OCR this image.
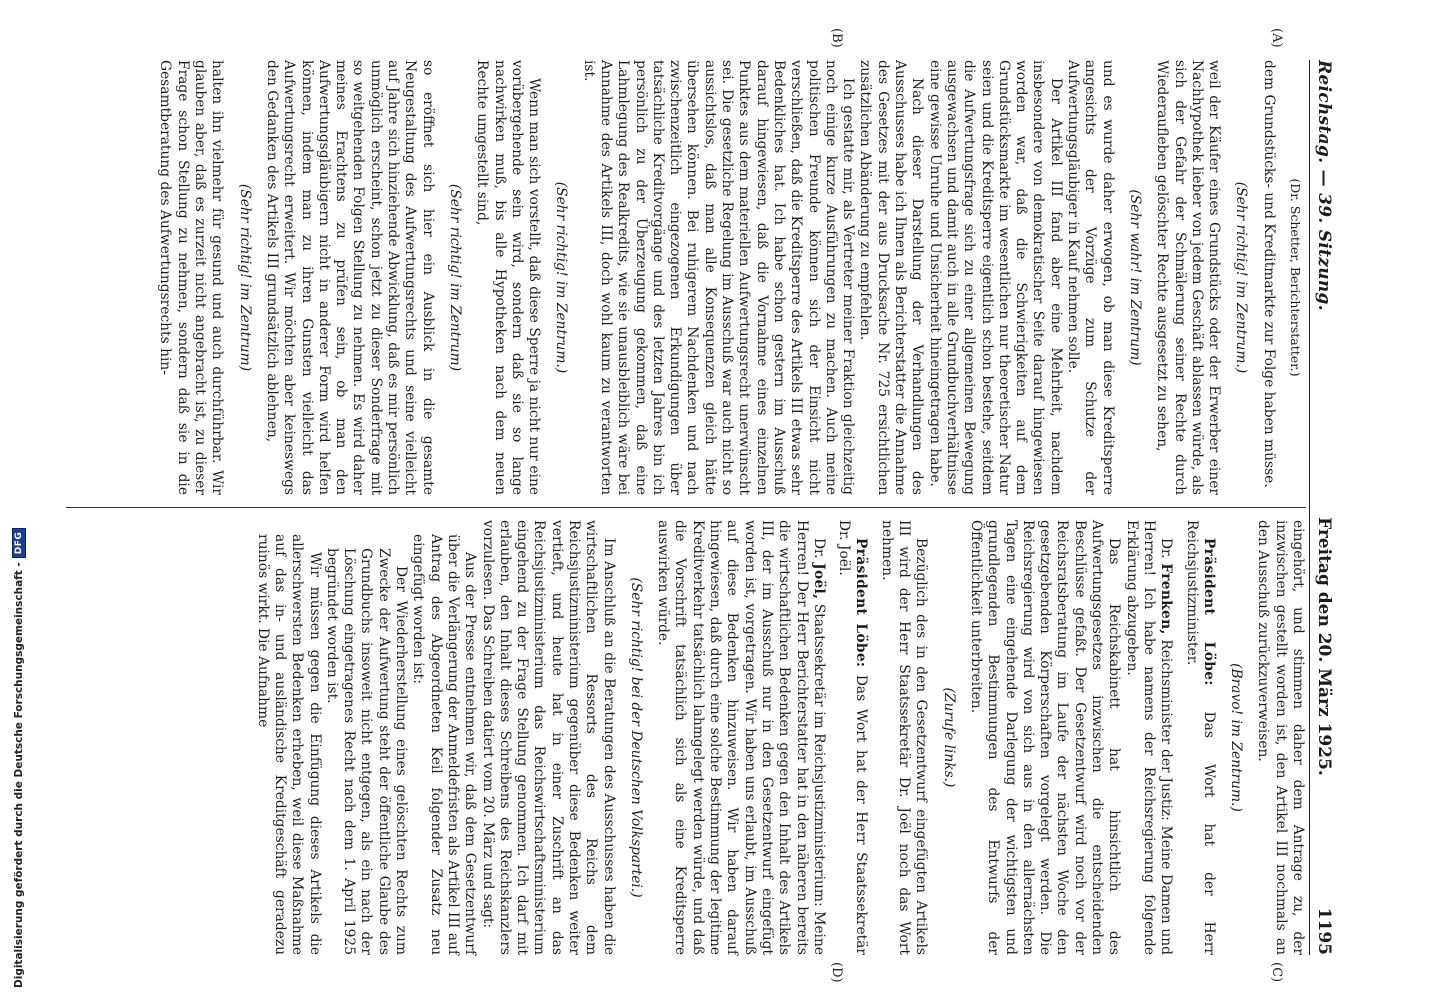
Digitalisierung gefördert durch die Deutsche Forschungsgemeinschaft -
DFG
Reichstag. — 39. Sitzung.
Freitag den 20. März 1925.  1195
(A)
(B)
(C)
(D)

(Dr. Schetter, Berichterstatter.)

dem Grundstücks- und Kreditmarkte zur Folge haben müsse.

(Sehr richtig! im Zentrum.)

weil der Käufer eines Grundstücks oder der Erwerber einer Nachhypothek lieber von jedem Geschäft ablassen würde, als sich der Gefahr der Schmälerung seiner Rechte durch Wiederaufleben gelöschter Rechte ausgesetzt zu sehen,

(Sehr wahr! im Zentrum)

und es wurde daher erwogen, ob man diese Kreditsperre angesichts der Vorzüge zum Schutze der Aufwertungsgläubiger in Kauf nehmen solle.

Der Artikel III fand aber eine Mehrheit, nachdem insbesondere von demokratischer Seite darauf hingewiesen worden war, daß die Schwierigkeiten auf dem Grundstücksmarkte im wesentlichen nur theoretischer Natur seien und die Kreditsperre eigentlich schon bestehe, seitdem die Aufwertungsfrage sich zu einer allgemeinen Bewegung ausgewachsen und damit auch in alle Grundbuchverhältnisse eine gewisse Unruhe und Unsicherheit hineingetragen habe.

Nach dieser Darstellung der Verhandlungen des Ausschusses habe ich Ihnen als Berichterstatter die Annahme des Gesetzes mit der aus Drucksache Nr. 725 ersichtlichen zusätzlichen Abänderung zu empfehlen.

Ich gestatte mir, als Vertreter meiner Fraktion gleichzeitig noch einige kurze Ausführungen zu machen. Auch meine politischen Freunde können sich der Einsicht nicht verschließen, daß die Kreditsperre des Artikels III etwas sehr Bedenkliches hat. Ich habe schon gestern im Ausschuß darauf hingewiesen, daß die Vornahme eines einzelnen Punktes aus dem materiellen Aufwertungsrecht unerwünscht sei. Die gesetzliche Regelung im Ausschuß war auch nicht so aussichtslos, daß man alle Konsequenzen gleich hätte übersehen können. Bei ruhigerem Nachdenken und nach zwischenzeitlich eingezogenen Erkundigungen über tatsächliche Kreditvorgänge und des letzten Jahres bin ich persönlich zu der Überzeugung gekommen, daß eine Lahmlegung des Realkredits, wie sie unausbleiblich wäre bei Annahme des Artikels III, doch wohl kaum zu verantworten ist.

(Sehr richtig! im Zentrum.)

Wenn man sich vorstellt, daß diese Sperre ja nicht nur eine vorübergehende sein wird, sondern daß sie so lange nachwirken muß, bis alle Hypotheken nach dem neuen Rechte umgestellt sind,

(Sehr richtig! im Zentrum)

so eröffnet sich hier ein Ausblick in die gesamte Neugestaltung des Aufwertungsrechts und seine vielleicht auf Jahre sich hinziehende Abwicklung, daß es mir persönlich unmöglich erscheint, schon jetzt zu dieser Sonderfrage mit so weitgehenden Folgen Stellung zu nehmen. Es wird daher meines Erachtens zu prüfen sein, ob man den Aufwertungsgläubigern nicht in anderer Form wird helfen können, indem man zu ihren Gunsten vielleicht das Aufwertungsrecht erweitert. Wir möchten aber keineswegs den Gedanken des Artikels III grundsätzlich ablehnen,

(Sehr richtig! im Zentrum)

halten ihn vielmehr für gesund und auch durchführbar. Wir glauben aber, daß es zurzeit nicht angebracht ist, zu dieser Frage schon Stellung zu nehmen, sondern daß sie in die Gesamtberatung des Aufwertungsrechts hin-

eingehört, und stimmen daher dem Antrage zu, der inzwischen gestellt worden ist, den Artikel III nochmals an den Ausschuß zurückzuverweisen.

(Bravo! im Zentrum.)

Präsident Löbe: Das Wort hat der Herr Reichsjustizminister.

Dr. Frenken, Reichsminister der Justiz: Meine Damen und Herren! Ich habe namens der Reichsregierung folgende Erklärung abzugeben.

Das Reichskabinett hat hinsichtlich des Aufwertungsgesetzes inzwischen die entscheidenden Beschlüsse gefaßt. Der Gesetzentwurf wird noch vor der Reichsratsberatung im Laufe der nächsten Woche den gesetzgebenden Körperschaften vorgelegt werden. Die Reichsregierung wird von sich aus in den allernächsten Tagen eine eingehende Darlegung der wichtigsten und grundlegenden Bestimmungen des Entwurfs der Öffentlichkeit unterbreiten.

(Zurufe links.)

Bezüglich des in den Gesetzentwurf eingefügten Artikels III wird der Herr Staatssekretär Dr. Joël noch das Wort nehmen.

Präsident Löbe: Das Wort hat der Herr Staatssekretär Dr. Joël.

Dr. Joël, Staatssekretär im Reichsjustizministerium: Meine Herren! Der Herr Berichterstatter hat in den näheren bereits die wirtschaftlichen Bedenken gegen den Inhalt des Artikels III, der im Ausschuß nur in den Gesetzentwurf eingefügt worden ist, vorgetragen. Wir haben uns erlaubt, im Ausschuß auf diese Bedenken hinzuweisen. Wir haben darauf hingewiesen, daß durch eine solche Bestimmung der legitime Kreditverkehr tatsächlich lahmgelegt werden würde, und daß die Vorschrift tatsächlich sich als eine Kreditsperre auswirken würde.

(Sehr richtig! bei der Deutschen Volkspartei.)

Im Anschluß an die Beratungen des Ausschusses haben die wirtschaftlichen Ressorts des Reichs dem Reichsjustizministerium gegenüber diese Bedenken weiter vertieft, und heute hat in einer Zuschrift an das Reichsjustizministerium das Reichswirtschaftsministerium eingehend zu der Frage Stellung genommen. Ich darf mit erlauben, den Inhalt dieses Schreibens des Reichskanzlers vorzulesen. Das Schreiben datiert vom 20. März und sagt:

Aus der Presse entnehmen wir, daß dem Gesetzentwurf über die Verlängerung der Anmeldefristen als Artikel III auf Antrag des Abgeordneten Keil folgender Zusatz neu eingefügt worden ist:

Der Wiederherstellung eines gelöschten Rechts zum Zwecke der Aufwertung steht der öffentliche Glaube des Grundbuchs insoweit nicht entgegen, als ein nach der Löschung eingetragenes Recht nach dem 1. April 1925 begründet worden ist.

Wir müssen gegen die Einfügung dieses Artikels die allerschwersten Bedenken erheben, weil diese Maßnahme auf das in- und ausländische Kreditgeschäft geradezu ruinös wirkt. Die Aufnahme
